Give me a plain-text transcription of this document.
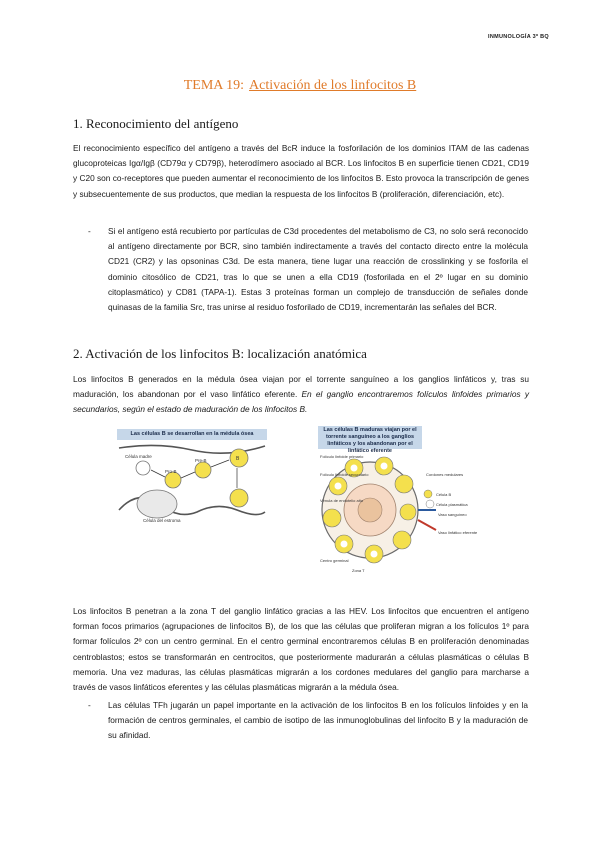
INMUNOLOGÍA 3º BQ
TEMA 19: Activación de los linfocitos B
1. Reconocimiento del antígeno
El reconocimiento específico del antígeno a través del BcR induce la fosforilación de los dominios ITAM de las cadenas glucoproteicas Igα/Igβ (CD79α y CD79β), heterodímero asociado al BCR. Los linfocitos B en superficie tienen CD21, CD19 y C20 son co-receptores que pueden aumentar el reconocimiento de los linfocitos B. Esto provoca la transcripción de genes y subsecuentemente de sus productos, que median la respuesta de los linfocitos B (proliferación, diferenciación, etc).
- Si el antígeno está recubierto por partículas de C3d procedentes del metabolismo de C3, no solo será reconocido al antígeno directamente por BCR, sino también indirectamente a través del contacto directo entre la molécula CD21 (CR2) y las opsoninas C3d. De esta manera, tiene lugar una reacción de crosslinking y se fosforila el dominio citosólico de CD21, tras lo que se unen a ella CD19 (fosforilada en el 2º lugar en su dominio citoplasmático) y CD81 (TAPA-1). Estas 3 proteínas forman un complejo de transducción de señales donde quinasas de la familia Src, tras unirse al residuo fosforilado de CD19, incrementarán las señales del BCR.
2. Activación de los linfocitos B: localización anatómica
Los linfocitos B generados en la médula ósea viajan por el torrente sanguíneo a los ganglios linfáticos y, tras su maduración, los abandonan por el vaso linfático eferente. En el ganglio encontraremos folículos linfoides primarios y secundarios, según el estado de maduración de los linfocitos B.
Las células B se desarrollan en la médula ósea
Célula madre
Pro-B
Pre-B	B
Célula del estroma
Las células B maduras viajan por el torrente sanguíneo a los ganglios linfáticos y los abandonan por el linfático eferente
Folículo linfoide primario
Folículo linfoide secundario
Vénula de endotelio alto
Centro germinal
Zona T
Cordones medulares
Célula B
Célula plasmática
Vaso sanguíneo
Vaso linfático eferente
Los linfocitos B penetran a la zona T del ganglio linfático gracias a las HEV. Los linfocitos que encuentren el antígeno forman focos primarios (agrupaciones de linfocitos B), de los que las células que proliferan migran a los folículos 1º para formar folículos 2º con un centro germinal. En el centro germinal encontraremos células B en proliferación denominadas centroblastos; estos se transformarán en centrocitos, que posteriormente madurarán a células plasmáticas o células B memoria. Una vez maduras, las células plasmáticas migrarán a los cordones medulares del ganglio para marcharse a través de vasos linfáticos eferentes y las células plasmáticas migrarán a la médula ósea.
- Las células TFh jugarán un papel importante en la activación de los linfocitos B en los folículos linfoides y en la formación de centros germinales, el cambio de isotipo de las inmunoglobulinas del linfocito B y la maduración de su afinidad.
